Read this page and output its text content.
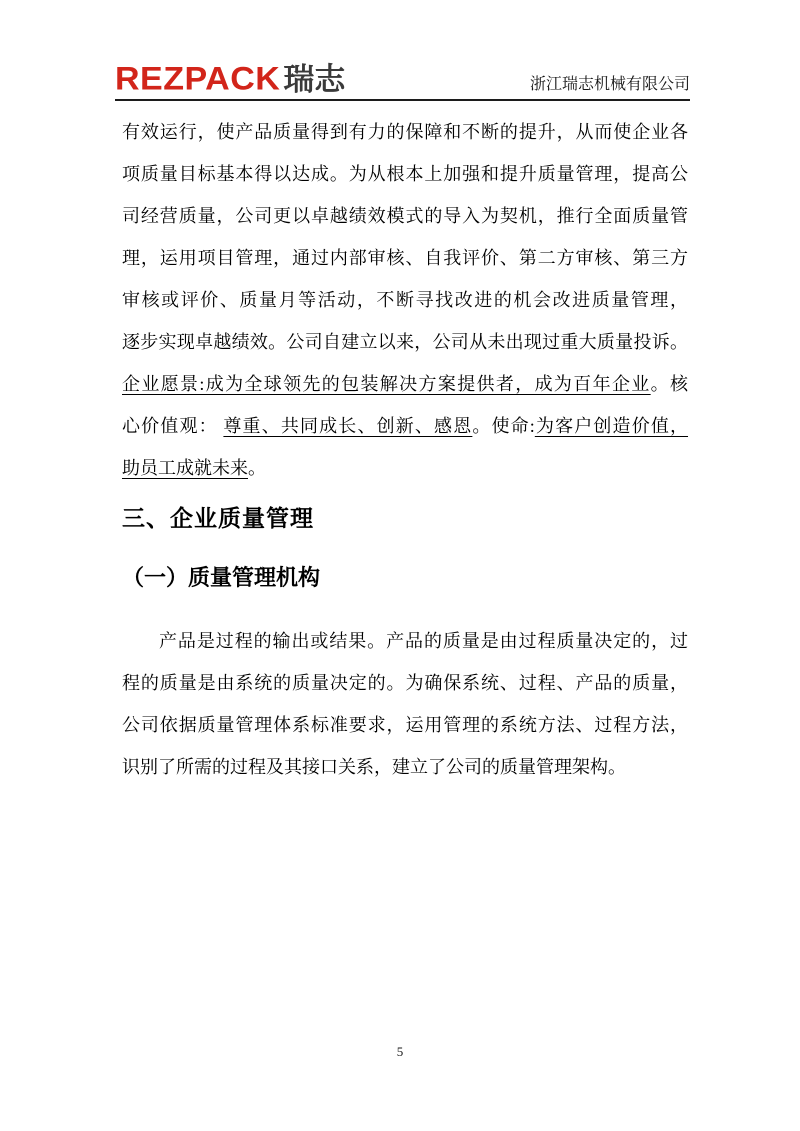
REZPACK 瑞志	浙江瑞志机械有限公司
有效运行，使产品质量得到有力的保障和不断的提升，从而使企业各
项质量目标基本得以达成。为从根本上加强和提升质量管理，提高公
司经营质量，公司更以卓越绩效模式的导入为契机，推行全面质量管
理，运用项目管理，通过内部审核、自我评价、第二方审核、第三方
审核或评价、质量月等活动，不断寻找改进的机会改进质量管理，
逐步实现卓越绩效。公司自建立以来，公司从未出现过重大质量投诉。
企业愿景:成为全球领先的包装解决方案提供者，成为百年企业。核
心价值观： 尊重、共同成长、创新、感恩。使命:为客户创造价值，
助员工成就未来。
三、企业质量管理
（一）质量管理机构
产品是过程的输出或结果。产品的质量是由过程质量决定的，过
程的质量是由系统的质量决定的。为确保系统、过程、产品的质量，
公司依据质量管理体系标准要求，运用管理的系统方法、过程方法，
识别了所需的过程及其接口关系，建立了公司的质量管理架构。
5
